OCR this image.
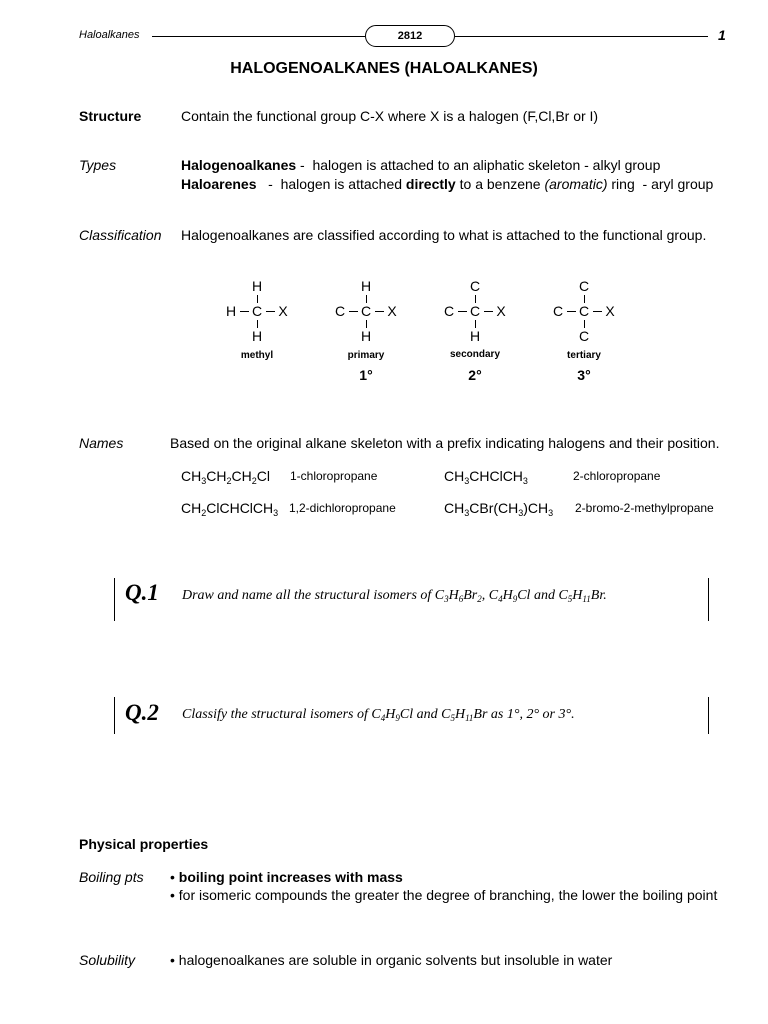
Haloalkanes	2812	1
HALOGENOALKANES (HALOALKANES)
Structure	Contain the functional group C-X where X is a halogen (F,Cl,Br or I)
Types	Halogenoalkanes -  halogen is attached to an aliphatic skeleton - alkyl group
Haloarenes   -  halogen is attached directly to a benzene (aromatic) ring  - aryl group
Classification Halogenoalkanes are classified according to what is attached to the functional group.
H
H C X
H
methyl
H
C C X
H
primary
1°
C
C C X
H
secondary
2°
C
C C X
C
tertiary
3°
Names	Based on the original alkane skeleton with a prefix indicating halogens and their position.
$CH_3CH_2CH_2Cl$ 1-chloropropane	$CH_3CHClCH_3$	2-chloropropane
$CH_2ClCHClCH_3$ 1,2-dichloropropane	$CH_3CBr(CH_3)CH_3$ 2-bromo-2-methylpropane
Q.1 Draw and name all the structural isomers of $C_3H_6Br_2$, $C_4H_9Cl$ and $C_5H_{11}Br$.
Q.2 Classify the structural isomers of $C_4H_9Cl$ and $C_5H_{11}Br$ as 1°, 2° or 3°.
Physical properties
Boiling pts • boiling point increases with mass
• for isomeric compounds the greater the degree of branching, the lower the boiling point
Solubility • halogenoalkanes are soluble in organic solvents but insoluble in water
